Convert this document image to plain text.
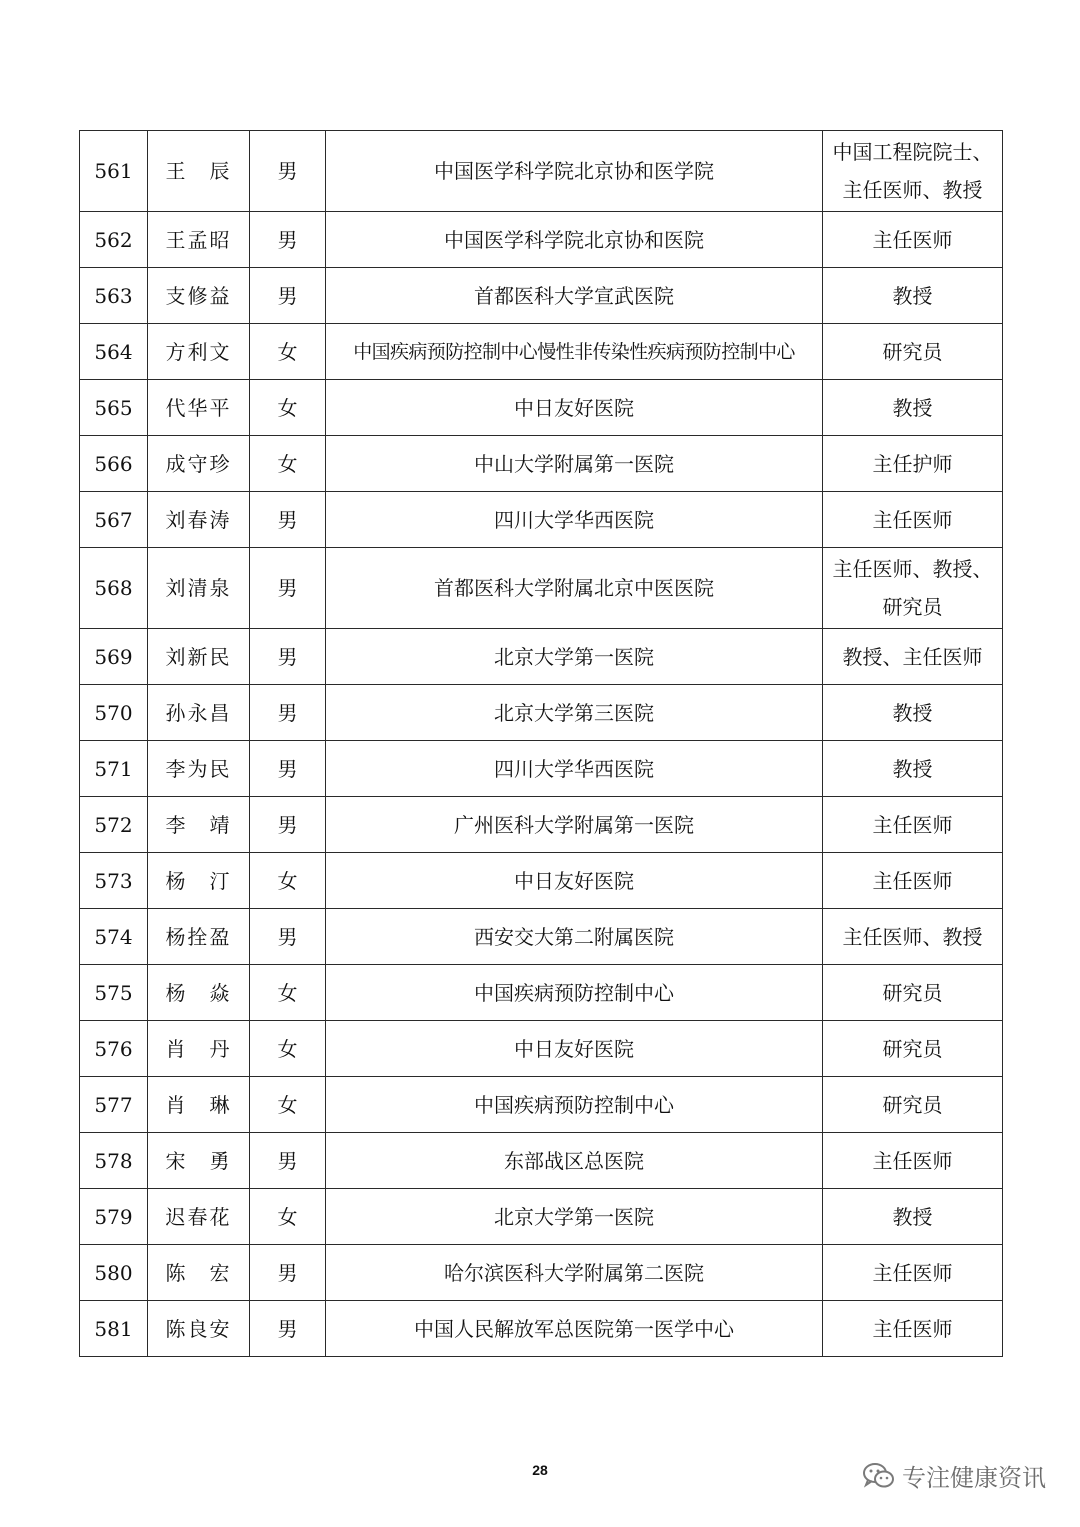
561	王　辰	男	中国医学科学院北京协和医学院	中国工程院院士、
主任医师、教授

562	王孟昭	男	中国医学科学院北京协和医院	主任医师
563	支修益	男	首都医科大学宣武医院	教授
564	方利文	女	中国疾病预防控制中心慢性非传染性疾病预防控制中心	研究员
565	代华平	女	中日友好医院	教授
566	成守珍	女	中山大学附属第一医院	主任护师
567	刘春涛	男	四川大学华西医院	主任医师
568	刘清泉	男	首都医科大学附属北京中医医院	主任医师、教授、
研究员

569	刘新民	男	北京大学第一医院	教授、主任医师
570	孙永昌	男	北京大学第三医院	教授
571	李为民	男	四川大学华西医院	教授
572	李　靖	男	广州医科大学附属第一医院	主任医师
573	杨　汀	女	中日友好医院	主任医师
574	杨拴盈	男	西安交大第二附属医院	主任医师、教授
575	杨　焱	女	中国疾病预防控制中心	研究员
576	肖　丹	女	中日友好医院	研究员
577	肖　琳	女	中国疾病预防控制中心	研究员
578	宋　勇	男	东部战区总医院	主任医师
579	迟春花	女	北京大学第一医院	教授
580	陈　宏	男	哈尔滨医科大学附属第二医院	主任医师
581	陈良安	男	中国人民解放军总医院第一医学中心	主任医师
28	专注健康资讯
